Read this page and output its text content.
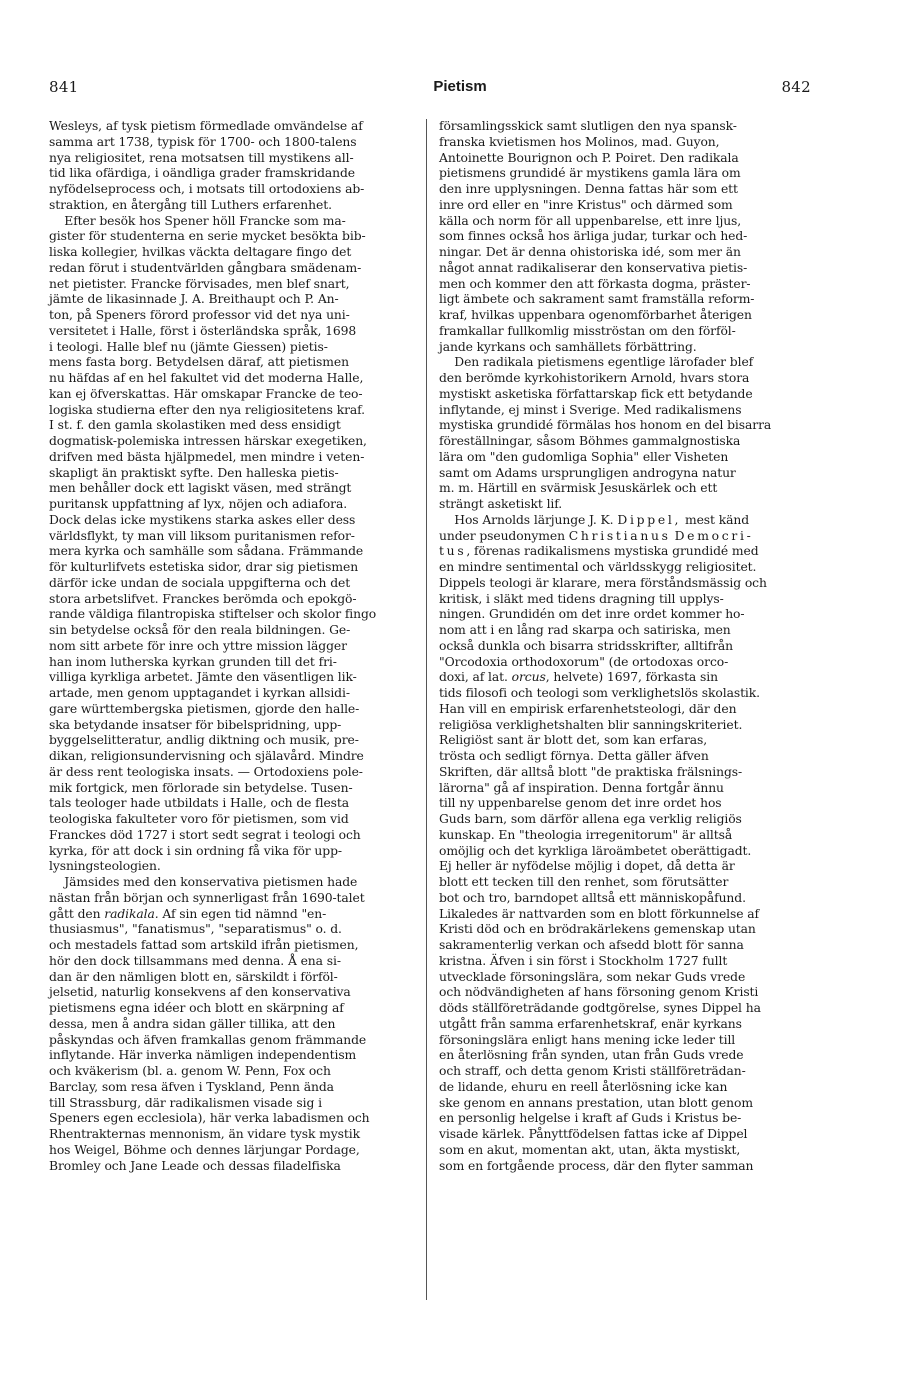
841	Pietism	842
Wesleys, af tysk pietism förmedlade omvändelse af
samma art 1738, typisk för 1700- och 1800-talens
nya religiositet, rena motsatsen till mystikens all-
tid lika ofärdiga, i oändliga grader framskridande
nyfödelseprocess och, i motsats till ortodoxiens ab-
straktion, en återgång till Luthers erfarenhet.
Efter besök hos Spener höll Francke som ma-
gister för studenterna en serie mycket besökta bib-
liska kollegier, hvilkas väckta deltagare fingo det
redan förut i studentvärlden gångbara smädenam-
net pietister. Francke förvisades, men blef snart,
jämte de likasinnade J. A. Breithaupt och P. An-
ton, på Speners förord professor vid det nya uni-
versitetet i Halle, först i österländska språk, 1698
i teologi. Halle blef nu (jämte Giessen) pietis-
mens fasta borg. Betydelsen däraf, att pietismen
nu häfdas af en hel fakultet vid det moderna Halle,
kan ej öfverskattas. Här omskapar Francke de teo-
logiska studierna efter den nya religiositetens kraf.
I st. f. den gamla skolastiken med dess ensidigt
dogmatisk-polemiska intressen härskar exegetiken,
drifven med bästa hjälpmedel, men mindre i veten-
skapligt än praktiskt syfte. Den halleska pietis-
men behåller dock ett lagiskt väsen, med strängt
puritansk uppfattning af lyx, nöjen och adiafora.
Dock delas icke mystikens starka askes eller dess
världsflykt, ty man vill liksom puritanismen refor-
mera kyrka och samhälle som sådana. Främmande
för kulturlifvets estetiska sidor, drar sig pietismen
därför icke undan de sociala uppgifterna och det
stora arbetslifvet. Franckes berömda och epokgö-
rande väldiga filantropiska stiftelser och skolor fingo
sin betydelse också för den reala bildningen. Ge-
nom sitt arbete för inre och yttre mission lägger
han inom lutherska kyrkan grunden till det fri-
villiga kyrkliga arbetet. Jämte den väsentligen lik-
artade, men genom upptagandet i kyrkan allsidi-
gare württembergska pietismen, gjorde den halle-
ska betydande insatser för bibelspridning, upp-
byggelselitteratur, andlig diktning och musik, pre-
dikan, religionsundervisning och själavård. Mindre
är dess rent teologiska insats. — Ortodoxiens pole-
mik fortgick, men förlorade sin betydelse. Tusen-
tals teologer hade utbildats i Halle, och de flesta
teologiska fakulteter voro för pietismen, som vid
Franckes död 1727 i stort sedt segrat i teologi och
kyrka, för att dock i sin ordning få vika för upp-
lysningsteologien.
Jämsides med den konservativa pietismen hade
nästan från början och synnerligast från 1690-talet
gått den radikala. Af sin egen tid nämnd "en-
thusiasmus", "fanatismus", "separatismus" o. d.
och mestadels fattad som artskild ifrån pietismen,
hör den dock tillsammans med denna. Å ena si-
dan är den nämligen blott en, särskildt i förföl-
jelsetid, naturlig konsekvens af den konservativa
pietismens egna idéer och blott en skärpning af
dessa, men å andra sidan gäller tillika, att den
påskyndas och äfven framkallas genom främmande
inflytande. Här inverka nämligen independentism
och kväkerism (bl. a. genom W. Penn, Fox och
Barclay, som resa äfven i Tyskland, Penn ända
till Strassburg, där radikalismen visade sig i
Speners egen ecclesiola), här verka labadismen och
Rhentrakternas mennonism, än vidare tysk mystik
hos Weigel, Böhme och dennes lärjungar Pordage,
Bromley och Jane Leade och dessas filadelfiska
församlingsskick samt slutligen den nya spansk-
franska kvietismen hos Molinos, mad. Guyon,
Antoinette Bourignon och P. Poiret. Den radikala
pietismens grundidé är mystikens gamla lära om
den inre upplysningen. Denna fattas här som ett
inre ord eller en "inre Kristus" och därmed som
källa och norm för all uppenbarelse, ett inre ljus,
som finnes också hos ärliga judar, turkar och hed-
ningar. Det är denna ohistoriska idé, som mer än
något annat radikaliserar den konservativa pietis-
men och kommer den att förkasta dogma, präster-
ligt ämbete och sakrament samt framställa reform-
kraf, hvilkas uppenbara ogenomförbarhet återigen
framkallar fullkomlig misströstan om den förföl-
jande kyrkans och samhällets förbättring.
Den radikala pietismens egentlige lärofader blef
den berömde kyrkohistorikern Arnold, hvars stora
mystiskt asketiska författarskap fick ett betydande
inflytande, ej minst i Sverige. Med radikalismens
mystiska grundidé förmälas hos honom en del bisarra
föreställningar, såsom Böhmes gammalgnostiska
lära om "den gudomliga Sophia" eller Visheten
samt om Adams ursprungligen androgyna natur
m. m. Härtill en svärmisk Jesuskärlek och ett
strängt asketiskt lif.
Hos Arnolds lärjunge J. K. Dippel, mest känd
under pseudonymen Christianus Democri-
tus, förenas radikalismens mystiska grundidé med
en mindre sentimental och världsskygg religiositet.
Dippels teologi är klarare, mera förståndsmässig och
kritisk, i släkt med tidens dragning till upplys-
ningen. Grundidén om det inre ordet kommer ho-
nom att i en lång rad skarpa och satiriska, men
också dunkla och bisarra stridsskrifter, alltifrån
"Orcodoxia orthodoxorum" (de ortodoxas orco-
doxi, af lat. orcus, helvete) 1697, förkasta sin
tids filosofi och teologi som verklighetslös skolastik.
Han vill en empirisk erfarenhetsteologi, där den
religiösa verklighetshalten blir sanningskriteriet.
Religiöst sant är blott det, som kan erfaras,
trösta och sedligt förnya. Detta gäller äfven
Skriften, där alltså blott "de praktiska frälsnings-
lärorna" gå af inspiration. Denna fortgår ännu
till ny uppenbarelse genom det inre ordet hos
Guds barn, som därför allena ega verklig religiös
kunskap. En "theologia irregenitorum" är alltså
omöjlig och det kyrkliga läroämbetet oberättigadt.
Ej heller är nyfödelse möjlig i dopet, då detta är
blott ett tecken till den renhet, som förutsätter
bot och tro, barndopet alltså ett människopåfund.
Likaledes är nattvarden som en blott förkunnelse af
Kristi död och en brödrakärlekens gemenskap utan
sakramenterlig verkan och afsedd blott för sanna
kristna. Äfven i sin först i Stockholm 1727 fullt
utvecklade försoningslära, som nekar Guds vrede
och nödvändigheten af hans försoning genom Kristi
döds ställföreträdande godtgörelse, synes Dippel ha
utgått från samma erfarenhetskraf, enär kyrkans
försoningslära enligt hans mening icke leder till
en återlösning från synden, utan från Guds vrede
och straff, och detta genom Kristi ställföreträdan-
de lidande, ehuru en reell återlösning icke kan
ske genom en annans prestation, utan blott genom
en personlig helgelse i kraft af Guds i Kristus be-
visade kärlek. Pånyttfödelsen fattas icke af Dippel
som en akut, momentan akt, utan, äkta mystiskt,
som en fortgående process, där den flyter samman
